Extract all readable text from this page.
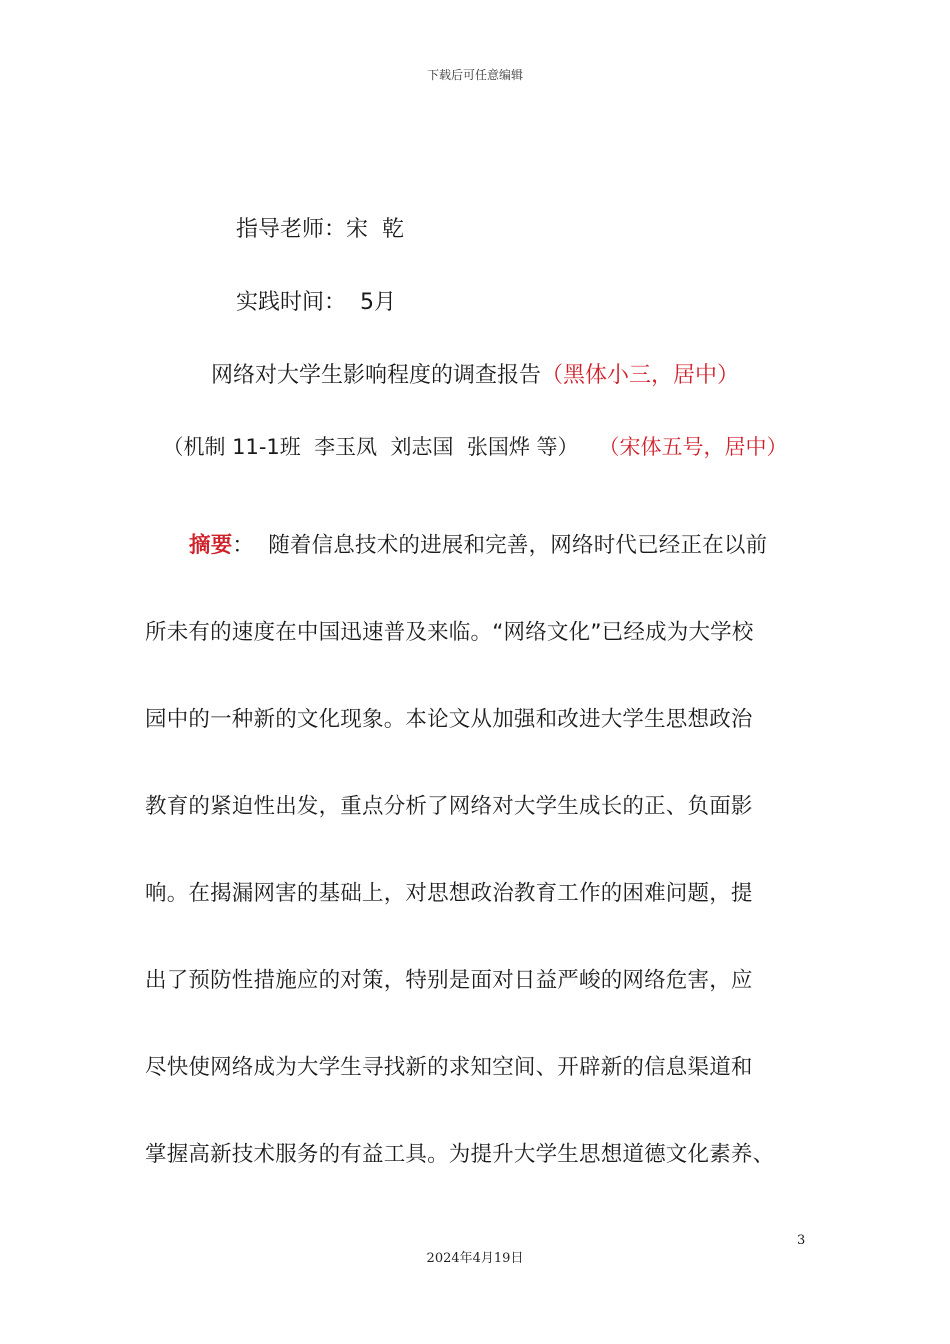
下载后可任意编辑
指导老师：宋  乾
实践时间：  5月
网络对大学生影响程度的调查报告（黑体小三，居中）
（机制 11-1班  李玉凤  刘志国  张国烨 等） （宋体五号，居中）
摘要：  随着信息技术的进展和完善，网络时代已经正在以前
所未有的速度在中国迅速普及来临。“网络文化”已经成为大学校
园中的一种新的文化现象。本论文从加强和改进大学生思想政治
教育的紧迫性出发，重点分析了网络对大学生成长的正、负面影
响。在揭漏网害的基础上，对思想政治教育工作的困难问题，提
出了预防性措施应的对策，特别是面对日益严峻的网络危害，应
尽快使网络成为大学生寻找新的求知空间、开辟新的信息渠道和
掌握高新技术服务的有益工具。为提升大学生思想道德文化素养、
3
2024年4月19日
